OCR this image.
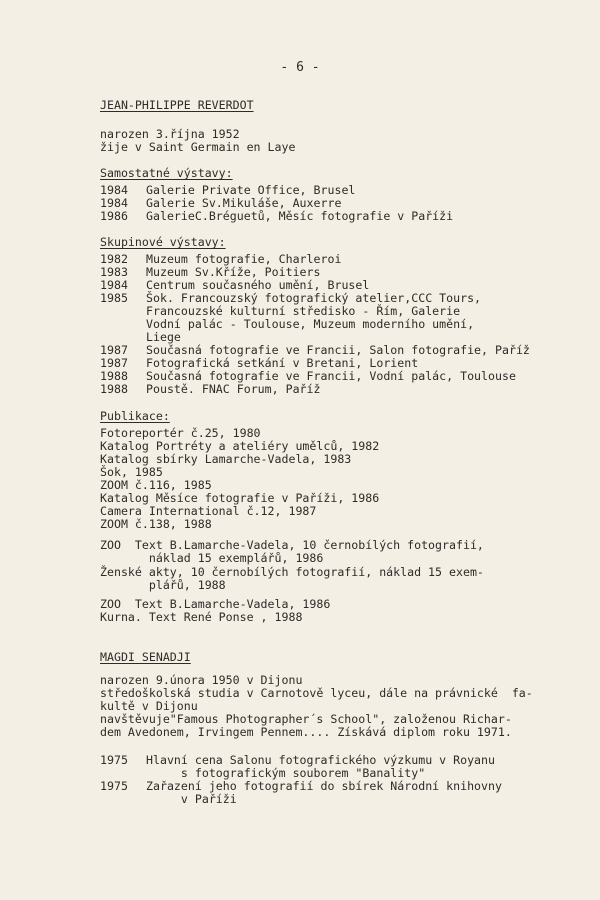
- 6 -
JEAN-PHILIPPE REVERDOT
narozen 3.října 1952
žije v Saint Germain en Laye
Samostatné výstavy:
1984 Galerie Private Office, Brusel
1984 Galerie Sv.Mikuláše, Auxerre
1986 GalerieC.Bréguetů, Měsíc fotografie v Paříži
Skupinové výstavy:
1982 Muzeum fotografie, Charleroi
1983 Muzeum Sv.Kříže, Poitiers
1984 Centrum současného umění, Brusel
1985 Šok. Francouzský fotografický atelier,CCC Tours,
Francouzské kulturní středisko - Řím, Galerie
Vodní palác - Toulouse, Muzeum moderního umění,
Liege
1987 Současná fotografie ve Francii, Salon fotografie, Paříž
1987 Fotografická setkání v Bretani, Lorient
1988 Současná fotografie ve Francii, Vodní palác, Toulouse
1988 Poustě. FNAC Forum, Paříž
Publikace:
Fotoreportér č.25, 1980
Katalog Portréty a ateliéry umělců, 1982
Katalog sbírky Lamarche-Vadela, 1983
Šok, 1985
ZOOM č.116, 1985
Katalog Měsíce fotografie v Paříži, 1986
Camera International č.12, 1987
ZOOM č.138, 1988
ZOO  Text B.Lamarche-Vadela, 10 černobílých fotografií,
náklad 15 exemplářů, 1986
Ženské akty, 10 černobílých fotografií, náklad 15 exem-
plářů, 1988
ZOO  Text B.Lamarche-Vadela, 1986
Kurna. Text René Ponse , 1988
MAGDI SENADJI
narozen 9.února 1950 v Dijonu
středoškolská studia v Carnotově lyceu, dále na právnické  fa-
kultě v Dijonu
navštěvuje"Famous Photographer´s School", založenou Richar-
dem Avedonem, Irvingem Pennem.... Získává diplom roku 1971.
1975 Hlavní cena Salonu fotografického výzkumu v Royanu
s fotografickým souborem "Banality"
1975 Zařazení jeho fotografií do sbírek Národní knihovny
v Paříži
